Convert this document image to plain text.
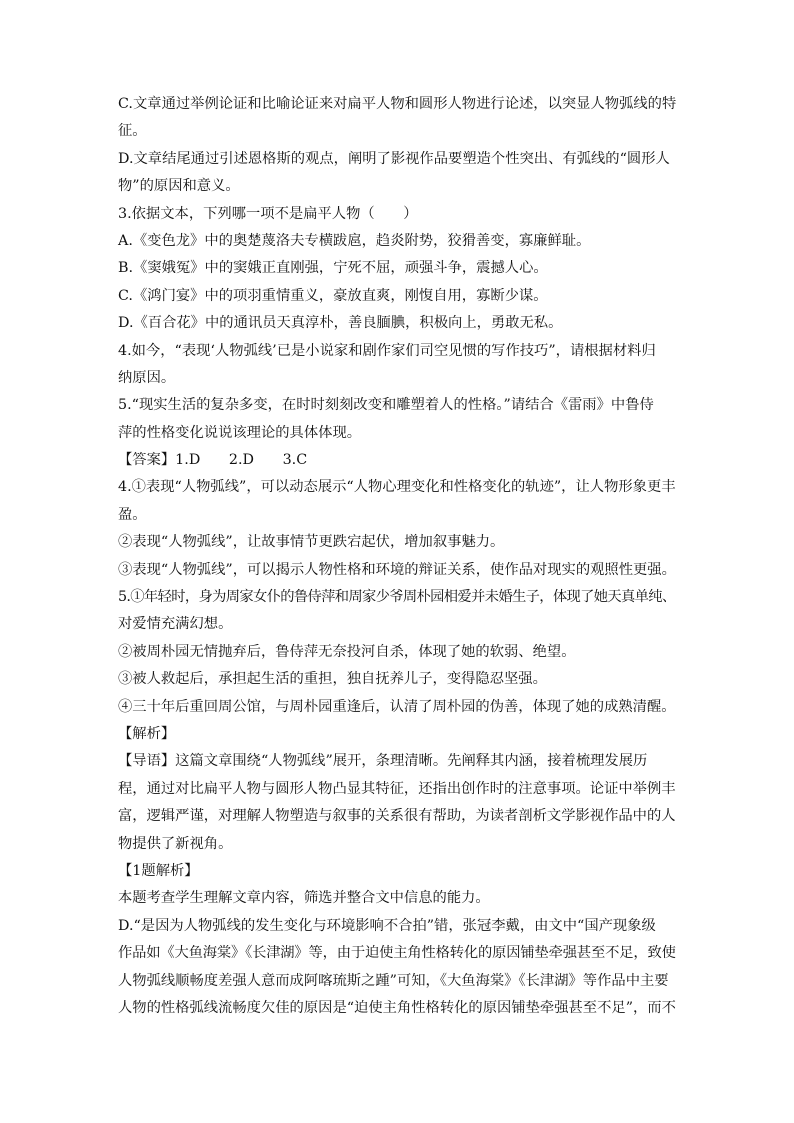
C.文章通过举例论证和比喻论证来对扁平人物和圆形人物进行论述，以突显人物弧线的特
征。
D.文章结尾通过引述恩格斯的观点，阐明了影视作品要塑造个性突出、有弧线的“圆形人
物”的原因和意义。
3.依据文本，下列哪一项不是扁平人物（　　）
A.《变色龙》中的奥楚蔑洛夫专横跋扈，趋炎附势，狡猾善变，寡廉鲜耻。
B.《窦娥冤》中的窦娥正直刚强，宁死不屈，顽强斗争，震撼人心。
C.《鸿门宴》中的项羽重情重义，豪放直爽，刚愎自用，寡断少谋。
D.《百合花》中的通讯员天真淳朴，善良腼腆，积极向上，勇敢无私。
4.如今，“表现‘人物弧线’已是小说家和剧作家们司空见惯的写作技巧”，请根据材料归
纳原因。
5.“现实生活的复杂多变，在时时刻刻改变和雕塑着人的性格。”请结合《雷雨》中鲁侍
萍的性格变化说说该理论的具体体现。
【答案】1.D　　2.D　　3.C
4.①表现“人物弧线”，可以动态展示“人物心理变化和性格变化的轨迹”，让人物形象更丰
盈。
②表现“人物弧线”，让故事情节更跌宕起伏，增加叙事魅力。
③表现“人物弧线”，可以揭示人物性格和环境的辩证关系，使作品对现实的观照性更强。
5.①年轻时，身为周家女仆的鲁侍萍和周家少爷周朴园相爱并未婚生子，体现了她天真单纯、
对爱情充满幻想。
②被周朴园无情抛弃后，鲁侍萍无奈投河自杀，体现了她的软弱、绝望。
③被人救起后，承担起生活的重担，独自抚养儿子，变得隐忍坚强。
④三十年后重回周公馆，与周朴园重逢后，认清了周朴园的伪善，体现了她的成熟清醒。
【解析】
【导语】这篇文章围绕“人物弧线”展开，条理清晰。先阐释其内涵，接着梳理发展历
程，通过对比扁平人物与圆形人物凸显其特征，还指出创作时的注意事项。论证中举例丰
富，逻辑严谨，对理解人物塑造与叙事的关系很有帮助，为读者剖析文学影视作品中的人
物提供了新视角。
【1题解析】
本题考查学生理解文章内容，筛选并整合文中信息的能力。
D.“是因为人物弧线的发生变化与环境影响不合拍”错，张冠李戴，由文中“国产现象级
作品如《大鱼海棠》《长津湖》等，由于迫使主角性格转化的原因铺垫牵强甚至不足，致使
人物弧线顺畅度差强人意而成阿喀琉斯之踵”可知，《大鱼海棠》《长津湖》等作品中主要
人物的性格弧线流畅度欠佳的原因是“迫使主角性格转化的原因铺垫牵强甚至不足”，而不
